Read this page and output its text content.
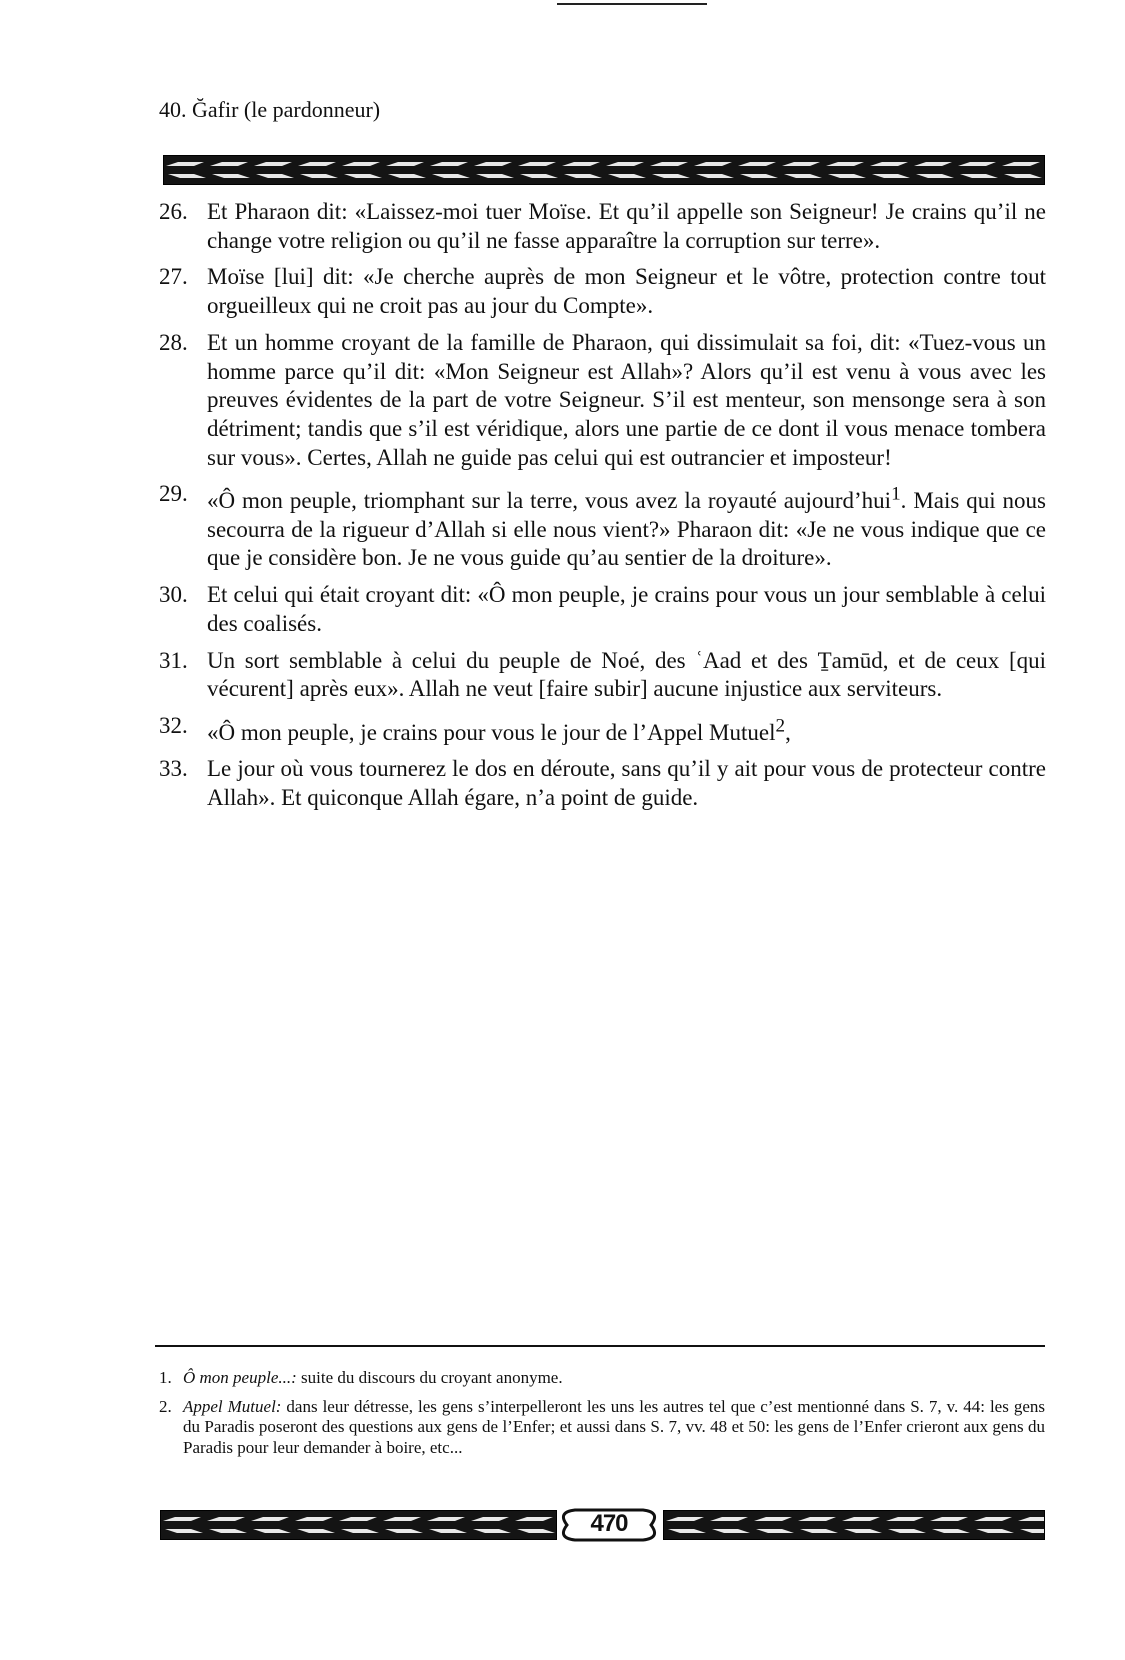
40. Ğafir (le pardonneur)
26. Et Pharaon dit: «Laissez-moi tuer Moïse. Et qu’il appelle son Seigneur! Je crains qu’il ne change votre religion ou qu’il ne fasse apparaître la corruption sur terre».
27. Moïse [lui] dit: «Je cherche auprès de mon Seigneur et le vôtre, protection contre tout orgueilleux qui ne croit pas au jour du Compte».
28. Et un homme croyant de la famille de Pharaon, qui dissimulait sa foi, dit: «Tuez-vous un homme parce qu’il dit: «Mon Seigneur est Allah»? Alors qu’il est venu à vous avec les preuves évidentes de la part de votre Seigneur. S’il est menteur, son mensonge sera à son détriment; tandis que s’il est véridique, alors une partie de ce dont il vous menace tombera sur vous». Certes, Allah ne guide pas celui qui est outrancier et imposteur!
29. «Ô mon peuple, triomphant sur la terre, vous avez la royauté aujourd’hui$^1$. Mais qui nous secourra de la rigueur d’Allah si elle nous vient?» Pharaon dit: «Je ne vous indique que ce que je considère bon. Je ne vous guide qu’au sentier de la droiture».
30. Et celui qui était croyant dit: «Ô mon peuple, je crains pour vous un jour semblable à celui des coalisés.
31. Un sort semblable à celui du peuple de Noé, des ʿAad et des Ṯamūd, et de ceux [qui vécurent] après eux». Allah ne veut [faire subir] aucune injustice aux serviteurs.
32. «Ô mon peuple, je crains pour vous le jour de l’Appel Mutuel$^2$,
33. Le jour où vous tournerez le dos en déroute, sans qu’il y ait pour vous de protecteur contre Allah». Et quiconque Allah égare, n’a point de guide.
1. Ô mon peuple...: suite du discours du croyant anonyme.
2. Appel Mutuel: dans leur détresse, les gens s’interpelleront les uns les autres tel que c’est mentionné dans S. 7, v. 44: les gens du Paradis poseront des questions aux gens de l’Enfer; et aussi dans S. 7, vv. 48 et 50: les gens de l’Enfer crieront aux gens du Paradis pour leur demander à boire, etc...
470
